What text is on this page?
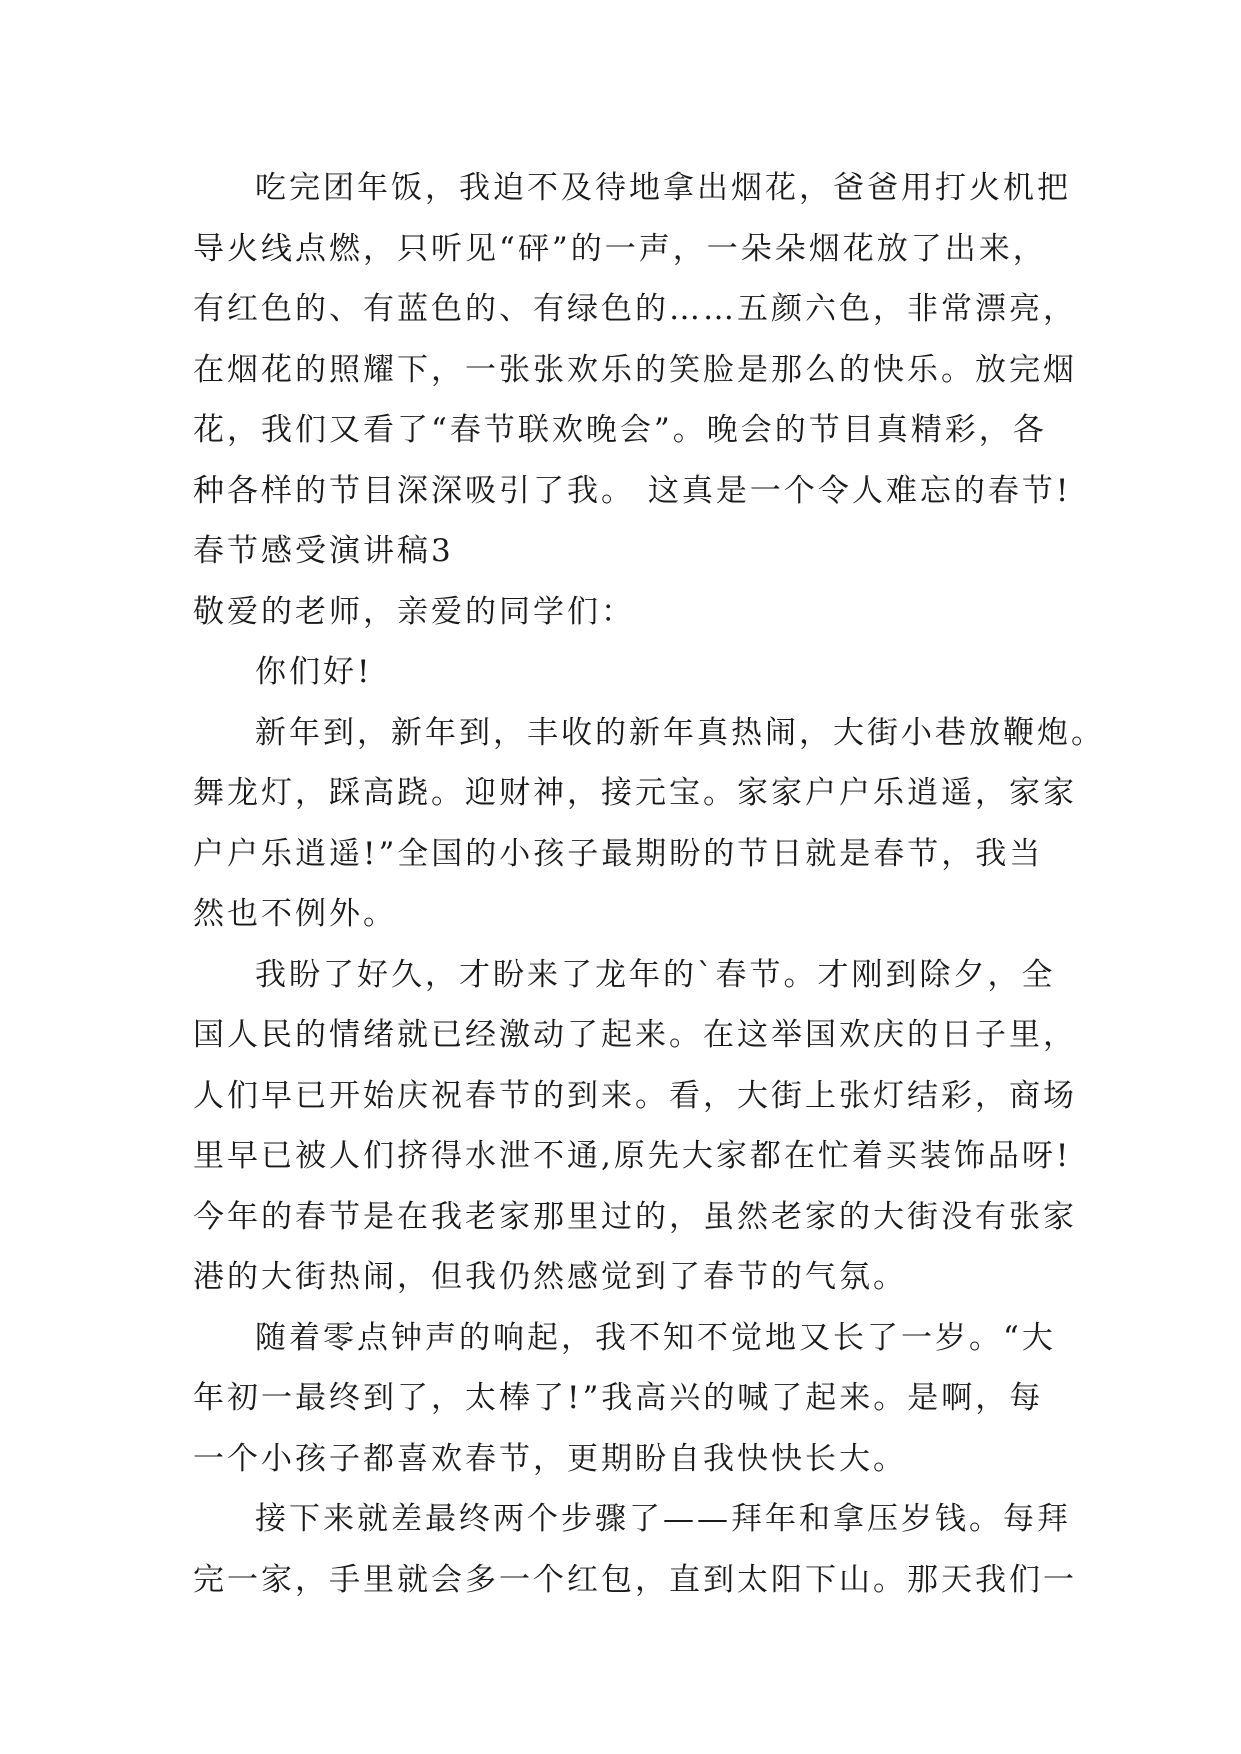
吃完团年饭，我迫不及待地拿出烟花，爸爸用打火机把
导火线点燃，只听见“砰”的一声，一朵朵烟花放了出来，
有红色的、有蓝色的、有绿色的……五颜六色，非常漂亮，
在烟花的照耀下，一张张欢乐的笑脸是那么的快乐。放完烟
花，我们又看了“春节联欢晚会”。晚会的节目真精彩，各
种各样的节目深深吸引了我。 这真是一个令人难忘的春节!
春节感受演讲稿3
敬爱的老师，亲爱的同学们：
你们好!
新年到，新年到，丰收的新年真热闹，大街小巷放鞭炮。
舞龙灯，踩高跷。迎财神，接元宝。家家户户乐逍遥，家家
户户乐逍遥!”全国的小孩子最期盼的节日就是春节，我当
然也不例外。
我盼了好久，才盼来了龙年的`春节。才刚到除夕，全
国人民的情绪就已经激动了起来。在这举国欢庆的日子里，
人们早已开始庆祝春节的到来。看，大街上张灯结彩，商场
里早已被人们挤得水泄不通,原先大家都在忙着买装饰品呀!
今年的春节是在我老家那里过的，虽然老家的大街没有张家
港的大街热闹，但我仍然感觉到了春节的气氛。
随着零点钟声的响起，我不知不觉地又长了一岁。“大
年初一最终到了，太棒了!”我高兴的喊了起来。是啊，每
一个小孩子都喜欢春节，更期盼自我快快长大。
接下来就差最终两个步骤了——拜年和拿压岁钱。每拜
完一家，手里就会多一个红包，直到太阳下山。那天我们一
